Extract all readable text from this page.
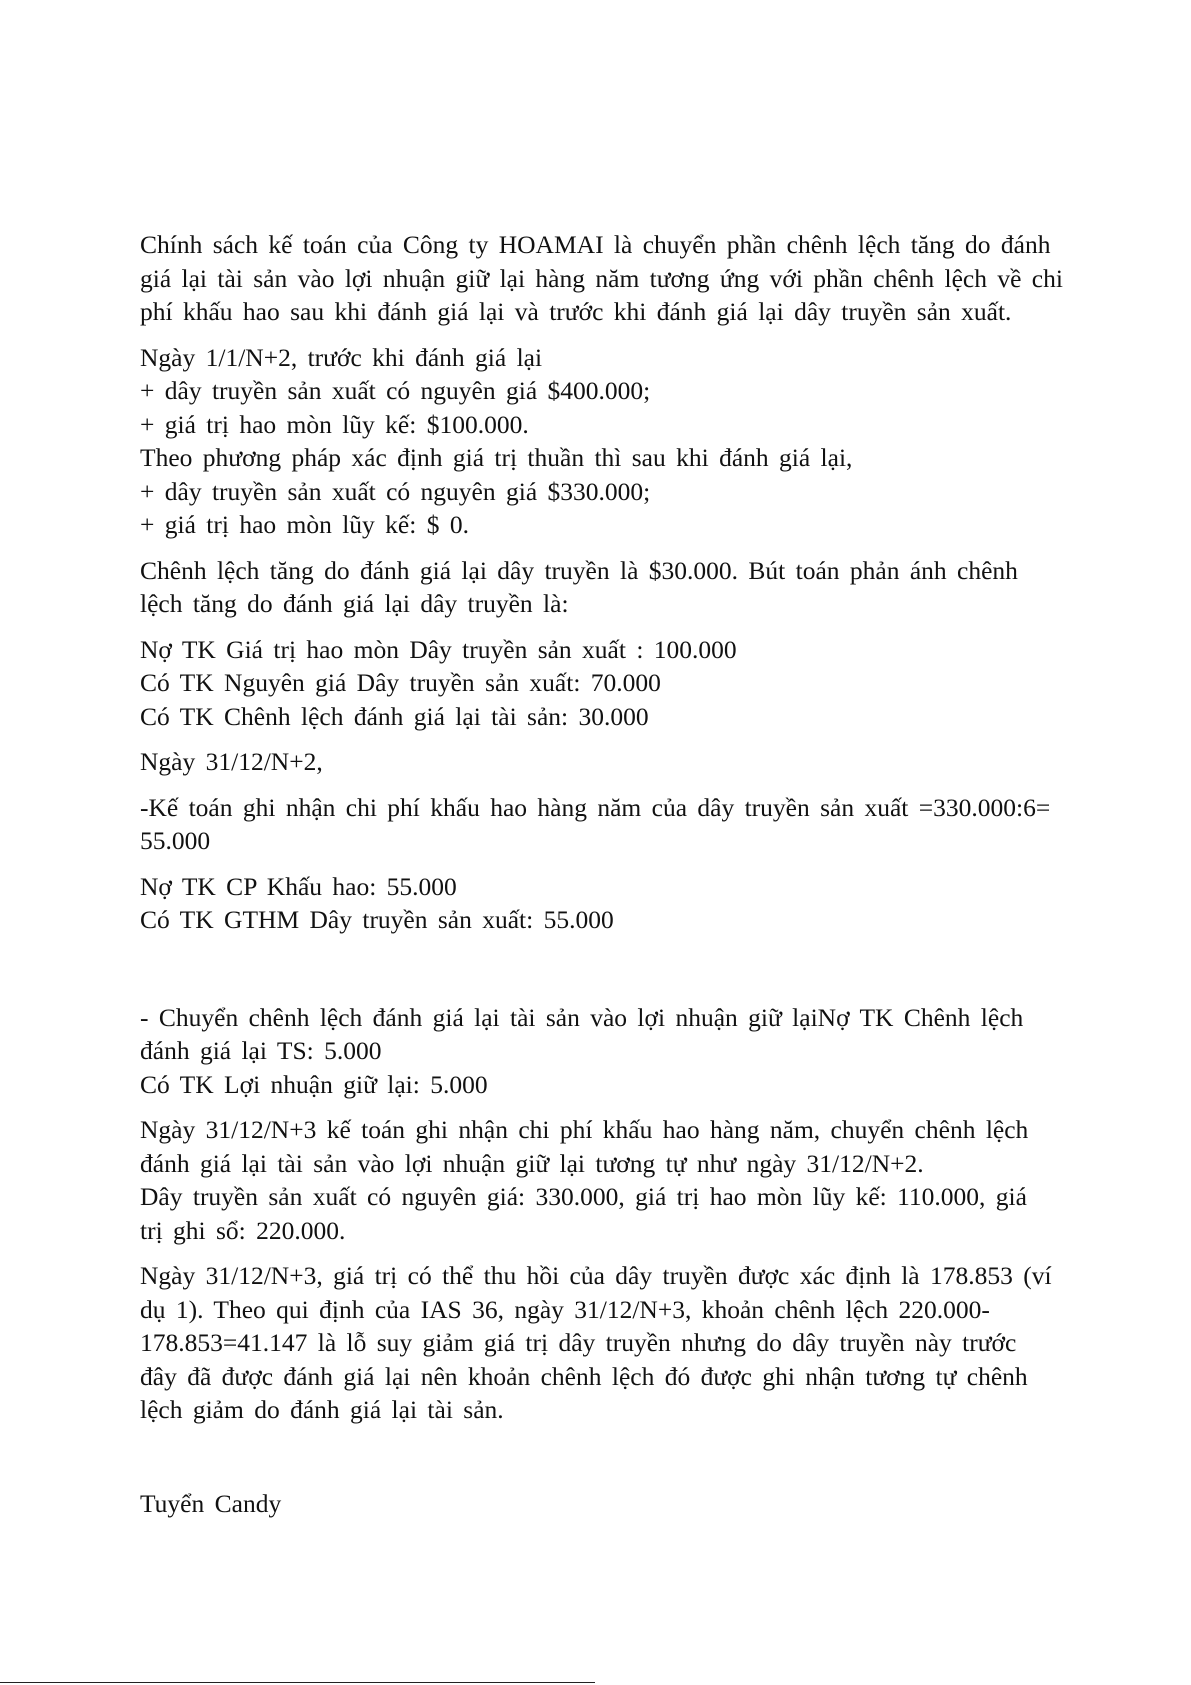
Chính sách kế toán của Công ty HOAMAI là chuyển phần chênh lệch tăng do đánh
giá lại tài sản vào lợi nhuận giữ lại hàng năm tương ứng với phần chênh lệch về chi
phí khấu hao sau khi đánh giá lại và trước khi đánh giá lại dây truyền sản xuất.
Ngày 1/1/N+2, trước khi đánh giá lại
+ dây truyền sản xuất có nguyên giá $400.000;
+ giá trị hao mòn lũy kế: $100.000.
Theo phương pháp xác định giá trị thuần thì sau khi đánh giá lại,
+ dây truyền sản xuất có nguyên giá $330.000;
+ giá trị hao mòn lũy kế: $ 0.
Chênh lệch tăng do đánh giá lại dây truyền là $30.000. Bút toán phản ánh chênh
lệch tăng do đánh giá lại dây truyền là:
Nợ TK Giá trị hao mòn Dây truyền sản xuất : 100.000
Có TK Nguyên giá Dây truyền sản xuất: 70.000
Có TK Chênh lệch đánh giá lại tài sản: 30.000
Ngày 31/12/N+2,
-Kế toán ghi nhận chi phí khấu hao hàng năm của dây truyền sản xuất =330.000:6=
55.000
Nợ TK CP Khấu hao: 55.000
Có TK GTHM Dây truyền sản xuất: 55.000
- Chuyển chênh lệch đánh giá lại tài sản vào lợi nhuận giữ lạiNợ TK Chênh lệch
đánh giá lại TS: 5.000
Có TK Lợi nhuận giữ lại: 5.000
Ngày 31/12/N+3 kế toán ghi nhận chi phí khấu hao hàng năm, chuyển chênh lệch
đánh giá lại tài sản vào lợi nhuận giữ lại tương tự như ngày 31/12/N+2.
Dây truyền sản xuất có nguyên giá: 330.000, giá trị hao mòn lũy kế: 110.000, giá
trị ghi sổ: 220.000.
Ngày 31/12/N+3, giá trị có thể thu hồi của dây truyền được xác định là 178.853 (ví
dụ 1). Theo qui định của IAS 36, ngày 31/12/N+3, khoản chênh lệch 220.000-
178.853=41.147 là lỗ suy giảm giá trị dây truyền nhưng do dây truyền này trước
đây đã được đánh giá lại nên khoản chênh lệch đó được ghi nhận tương tự chênh
lệch giảm do đánh giá lại tài sản.
Tuyển Candy
